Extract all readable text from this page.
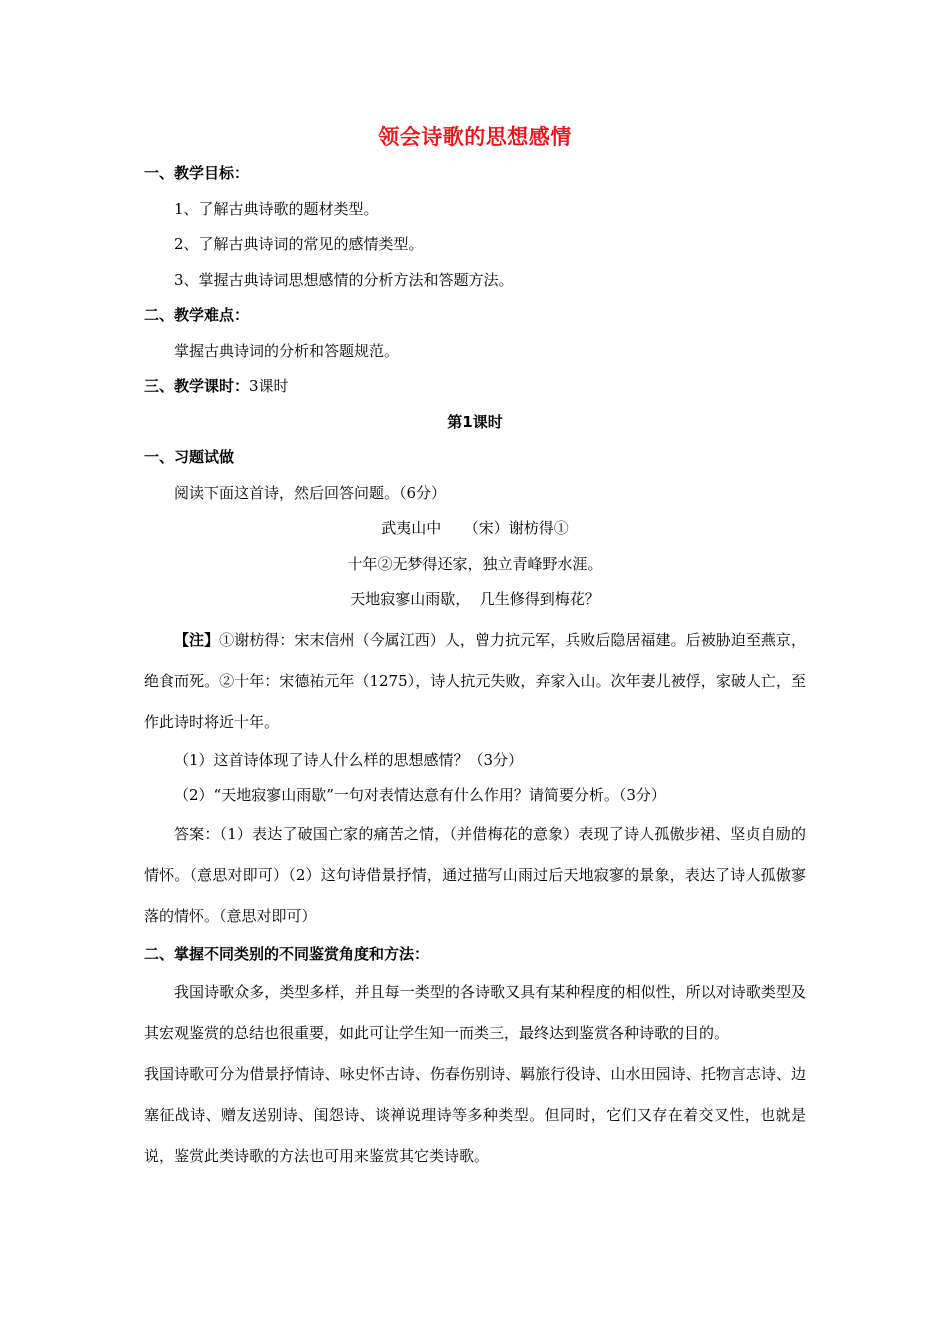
领会诗歌的思想感情
一、教学目标：
1、了解古典诗歌的题材类型。
2、了解古典诗词的常见的感情类型。
3、掌握古典诗词思想感情的分析方法和答题方法。
二、教学难点：
掌握古典诗词的分析和答题规范。
三、教学课时：3课时
第1课时
一、习题试做
阅读下面这首诗，然后回答问题。（6分）
武夷山中　　（宋）谢枋得①
十年②无梦得还家，独立青峰野水涯。
天地寂寥山雨歇，  几生修得到梅花？

【注】①谢枋得：宋末信州（今属江西）人，曾力抗元军，兵败后隐居福建。后被胁迫至燕京，绝食而死。②十年：宋德祐元年（1275），诗人抗元失败，弃家入山。次年妻儿被俘，家破人亡，至作此诗时将近十年。

（1）这首诗体现了诗人什么样的思想感情？（3分）
（2）“天地寂寥山雨歇”一句对表情达意有什么作用？请简要分析。（3分）

答案：（1）表达了破国亡家的痛苦之情，（并借梅花的意象）表现了诗人孤傲步裙、坚贞自励的情怀。（意思对即可）（2）这句诗借景抒情，通过描写山雨过后天地寂寥的景象，表达了诗人孤傲寥落的情怀。（意思对即可）

二、掌握不同类别的不同鉴赏角度和方法：

我国诗歌众多，类型多样，并且每一类型的各诗歌又具有某种程度的相似性，所以对诗歌类型及其宏观鉴赏的总结也很重要，如此可让学生知一而类三，最终达到鉴赏各种诗歌的目的。

我国诗歌可分为借景抒情诗、咏史怀古诗、伤春伤别诗、羁旅行役诗、山水田园诗、托物言志诗、边塞征战诗、赠友送别诗、闺怨诗、谈禅说理诗等多种类型。但同时，它们又存在着交叉性，也就是说，鉴赏此类诗歌的方法也可用来鉴赏其它类诗歌。
